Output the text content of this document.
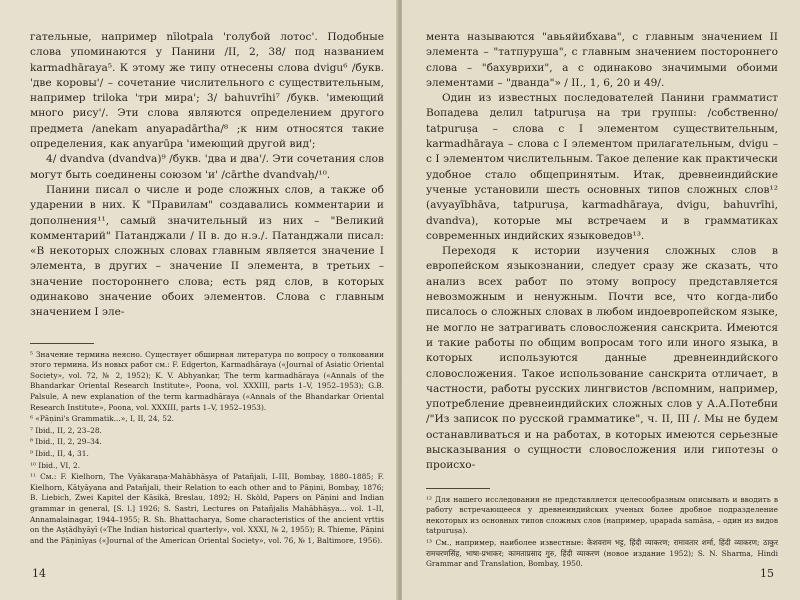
гательные, например nīlotpala 'голубой лотос'. Подобные слова упоминаются у Панини /II, 2, 38/ под названием karmadhāraya⁵. К этому же типу отнесены слова dvigu⁶ /букв. 'две коровы'/ – сочетание числительного с существительным, например triloka 'три мира'; 3/ bahuvrīhi⁷ /букв. 'имеющий много рису'/. Эти слова являются определением другого предмета /anekam anyapadārtha/⁸ ;к ним относятся такие определения, как anyarūpa 'имеющий другой вид';

4/ dvandva (dvandva)⁹ /букв. 'два и два'/. Эти сочетания слов могут быть соединены союзом 'и' /cārthe dvandvaḥ/¹⁰.

Панини писал о числе и роде сложных слов, а также об ударении в них. К "Правилам" создавались комментарии и дополнения¹¹, самый значительный из них – "Великий комментарий" Патанджали / II в. до н.э./. Патанджали писал: «В некоторых сложных словах главным является значение I элемента, в других – значение II элемента, в третьих – значение постороннего слова; есть ряд слов, в которых одинаково значение обоих элементов. Слова с главным значением I эле-

⁵ Значение термина неясно. Существует обширная литература по вопросу о толковании этого термина. Из новых работ см.: F. Edgerton, Karmadhāraya («Journal of Asiatic Oriental Society», vol. 72, № 2, 1952); K. V. Abhyankar, The term karmadhāraya («Annals of the Bhandarkar Oriental Research Institute», Poona, vol. XXXIII, parts 1–V, 1952–1953); G.B. Palsule, A new explanation of the term karmadhāraya («Annals of the Bhandarkar Oriental Research Institute», Poona, vol. XXXIII, parts 1–V, 1952–1953).

⁶ «Pāṇini's Grammatik...», I, II, 24, 52.

⁷ Ibid., II, 2, 23–28.

⁸ Ibid., II, 2, 29–34.

⁹ Ibid., II, 4, 31.

¹⁰ Ibid., VI, 2.

¹¹ См.: F. Kielhorn, The Vyākaraṇa-Mahābhāṣya of Patañjali, I–III, Bombay, 1880–1885; F. Kielhorn, Kātyāyana and Patañjali, their Relation to each other and to Pāṇini, Bombay, 1876; B. Liebich, Zwei Kapitel der Kāsikā, Breslau, 1892; H. Sköld, Papers on Pāṇini and Indian grammar in general, [S. l.] 1926; S. Sastri, Lectures on Patañjalis Mahābhāṣya... vol. 1–II, Annamalainagar, 1944–1955; R. Sh. Bhattacharya, Some characteristics of the ancient vṛttis on the Aṣṭādhyāyī («The Indian historical quarterly», vol. XXXI, № 2, 1955); R. Thieme, Pāṇini and the Pāṇinīyas («Journal of the American Oriental Society», vol. 76, № 1, Baltimore, 1956).

14

мента называются "авьяйибхава", с главным значением II элемента – "татпуруша", с главным значением постороннего слова – "бахуврихи", а с одинаково значимыми обоими элементами – "дванда"» / II., 1, 6, 20 и 49/.

Один из известных последователей Панини грамматист Вопадева делил tatpuruṣa на три группы: /собственно/ tatpuruṣa – слова с I элементом существительным, karmadhāraya – слова с I элементом прилагательным, dvigu – с I элементом числительным. Такое деление как практически удобное стало общепринятым. Итак, древнеиндийские ученые установили шесть основных типов сложных слов¹² (avyayībhāva, tatpuruṣa, karmadhāraya, dvigu, bahuvrīhi, dvandva), которые мы встречаем и в грамматиках современных индийских языковедов¹³.

Переходя к истории изучения сложных слов в европейском языкознании, следует сразу же сказать, что анализ всех работ по этому вопросу представляется невозможным и ненужным. Почти все, что когда-либо писалось о сложных словах в любом индоевропейском языке, не могло не затрагивать словосложения санскрита. Имеются и такие работы по общим вопросам того или иного языка, в которых используются данные древнеиндийского словосложения. Такое использование санскрита отличает, в частности, работы русских лингвистов /вспомним, например, употребление древнеиндийских сложных слов у А.А.Потебни /"Из записок по русской грамматике", ч. II, III /. Мы не будем останавливаться и на работах, в которых имеются серьезные высказывания о сущности словосложения или гипотезы о происхо-

¹² Для нашего исследования не представляется целесообразным описывать и вводить в работу встречающееся у древнеиндийских ученых более дробное подразделение некоторых из основных типов сложных слов (например, upapada samāsa, – один из видов tatpuruṣa).

¹³ См., например, наиболее известные: केशवराम भट्ट, हिंदी व्याकरण; रामावतार शर्मा, हिंदी व्याकरण; ठाकुर रामचरणसिंह, भाषा-प्रभाकर; कामताप्रसाद गुरु, हिंदी व्याकरण (новое издание 1952); S. N. Sharma, Hindi Grammar and Translation, Bombay, 1950.

15
